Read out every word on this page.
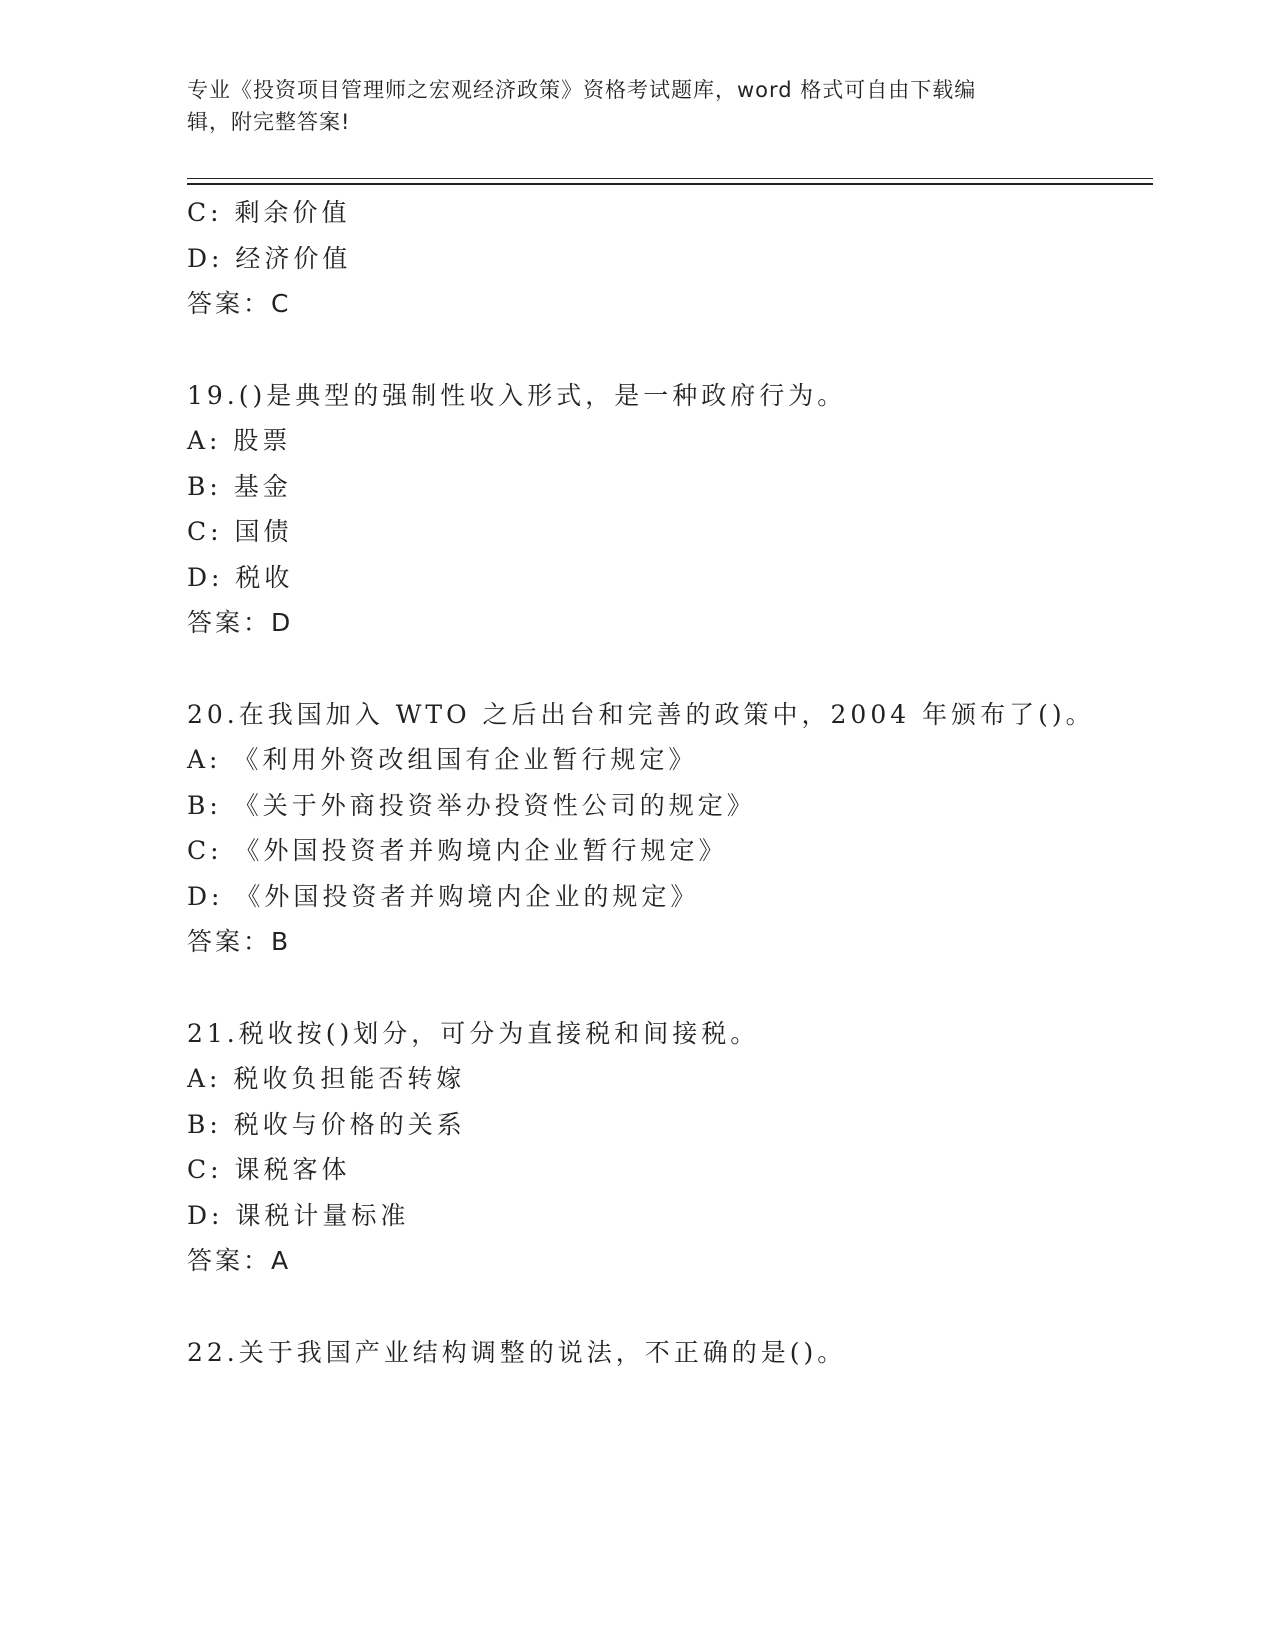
专业《投资项目管理师之宏观经济政策》资格考试题库，word 格式可自由下载编
辑，附完整答案!
C: 剩余价值
D: 经济价值
答案：C
19.()是典型的强制性收入形式，是一种政府行为。
A: 股票
B: 基金
C: 国债
D: 税收
答案：D
20.在我国加入 WTO 之后出台和完善的政策中，2004 年颁布了()。
A: 《利用外资改组国有企业暂行规定》
B: 《关于外商投资举办投资性公司的规定》
C: 《外国投资者并购境内企业暂行规定》
D: 《外国投资者并购境内企业的规定》
答案：B
21.税收按()划分，可分为直接税和间接税。
A: 税收负担能否转嫁
B: 税收与价格的关系
C: 课税客体
D: 课税计量标准
答案：A
22.关于我国产业结构调整的说法，不正确的是()。
